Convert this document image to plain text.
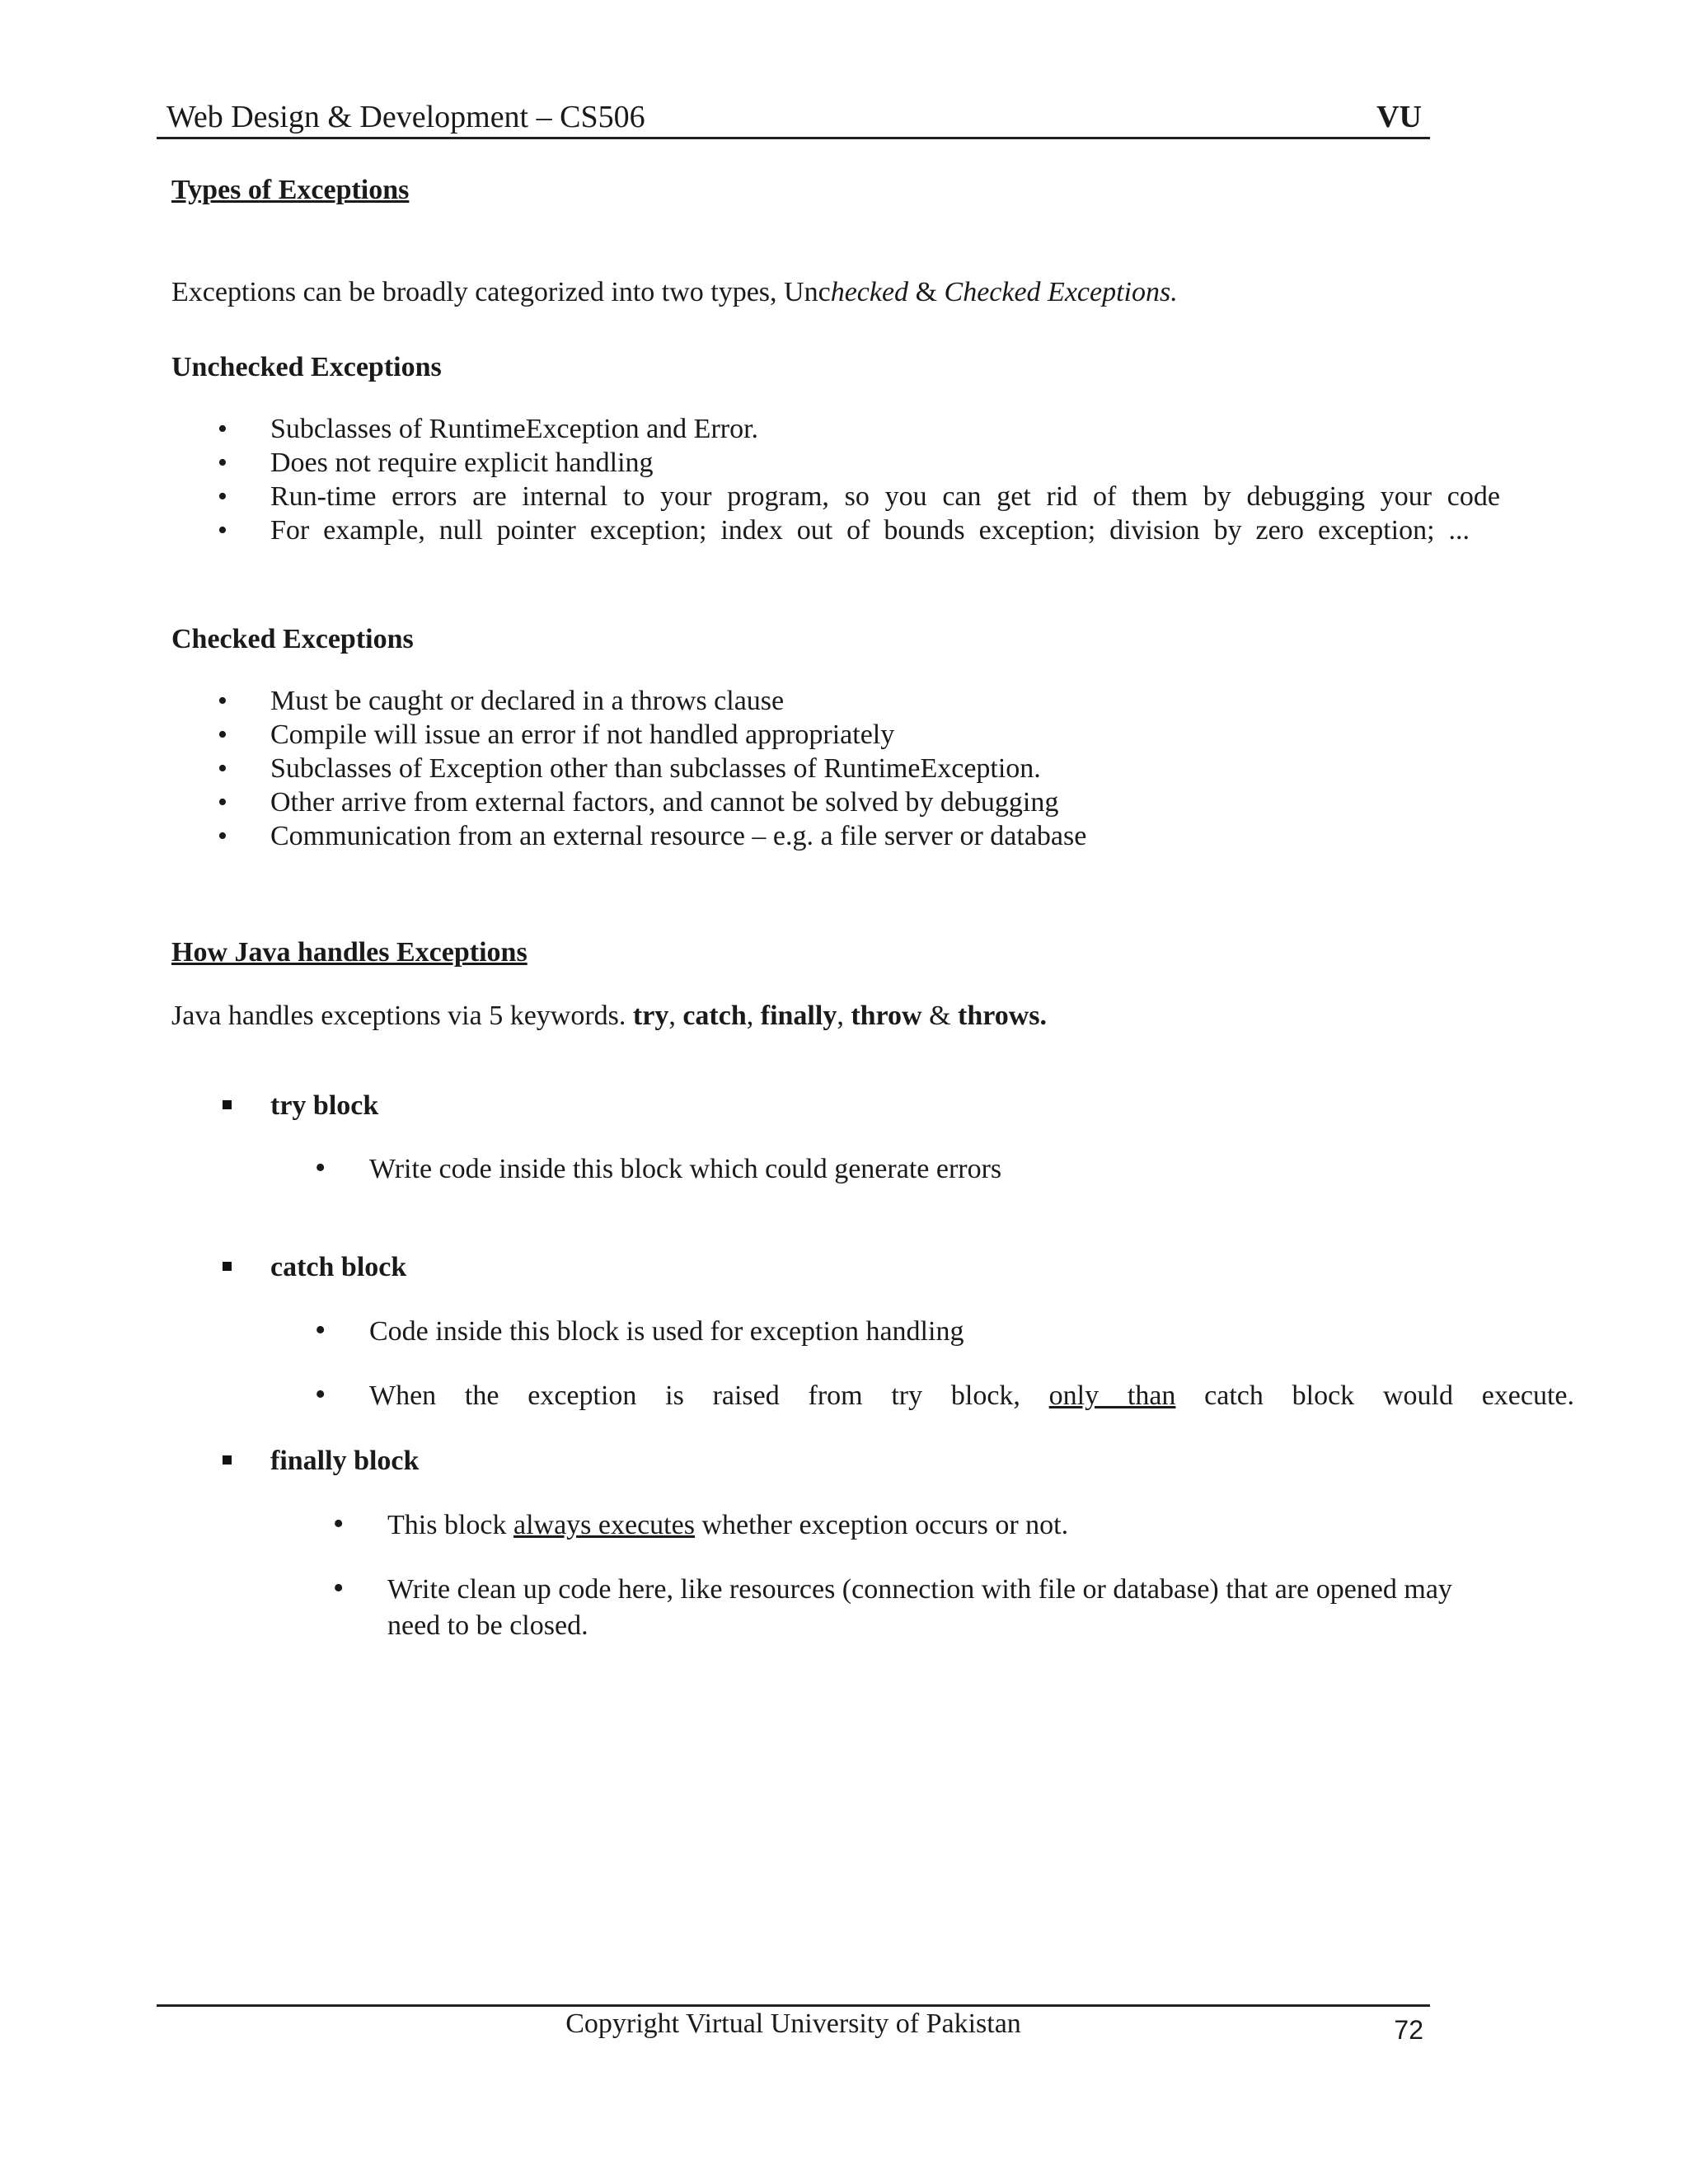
Web Design & Development – CS506	VU
Types of Exceptions
Exceptions can be broadly categorized into two types, Unchecked & Checked Exceptions.
Unchecked Exceptions
• Subclasses of RuntimeException and Error.
• Does not require explicit handling
• Run-time errors are internal to your program, so you can get rid of them by debugging your code
• For example, null pointer exception; index out of bounds exception; division by zero exception; ...
Checked Exceptions
• Must be caught or declared in a throws clause
• Compile will issue an error if not handled appropriately
• Subclasses of Exception other than subclasses of RuntimeException.
• Other arrive from external factors, and cannot be solved by debugging
• Communication from an external resource – e.g. a file server or database
How Java handles Exceptions
Java handles exceptions via 5 keywords. try, catch, finally, throw & throws.
try block
• Write code inside this block which could generate errors
catch block
• Code inside this block is used for exception handling
• When the exception is raised from try block, only than catch block would execute.
finally block
• This block always executes whether exception occurs or not.
• Write clean up code here, like resources (connection with file or database) that are opened may need to be closed.
Copyright Virtual University of Pakistan	72
